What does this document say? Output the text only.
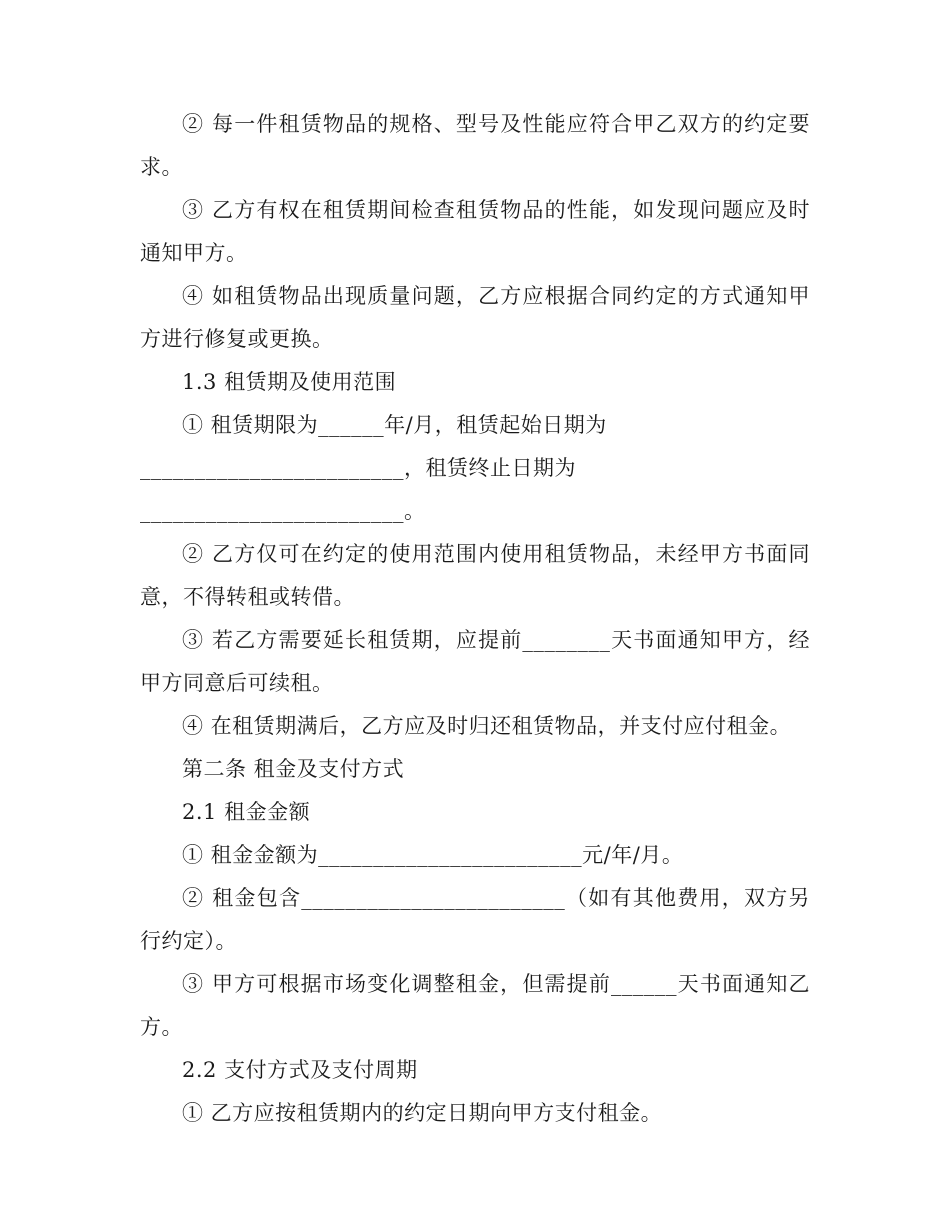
② 每一件租赁物品的规格、型号及性能应符合甲乙双方的约定要
求。
③ 乙方有权在租赁期间检查租赁物品的性能，如发现问题应及时
通知甲方。
④ 如租赁物品出现质量问题，乙方应根据合同约定的方式通知甲
方进行修复或更换。
1.3 租赁期及使用范围
① 租赁期限为______年/月，租赁起始日期为
________________________，租赁终止日期为
________________________。
② 乙方仅可在约定的使用范围内使用租赁物品，未经甲方书面同
意，不得转租或转借。
③ 若乙方需要延长租赁期，应提前________天书面通知甲方，经
甲方同意后可续租。
④ 在租赁期满后，乙方应及时归还租赁物品，并支付应付租金。
第二条 租金及支付方式
2.1 租金金额
① 租金金额为________________________元/年/月。
② 租金包含________________________（如有其他费用，双方另
行约定）。
③ 甲方可根据市场变化调整租金，但需提前______天书面通知乙
方。
2.2 支付方式及支付周期
① 乙方应按租赁期内的约定日期向甲方支付租金。
